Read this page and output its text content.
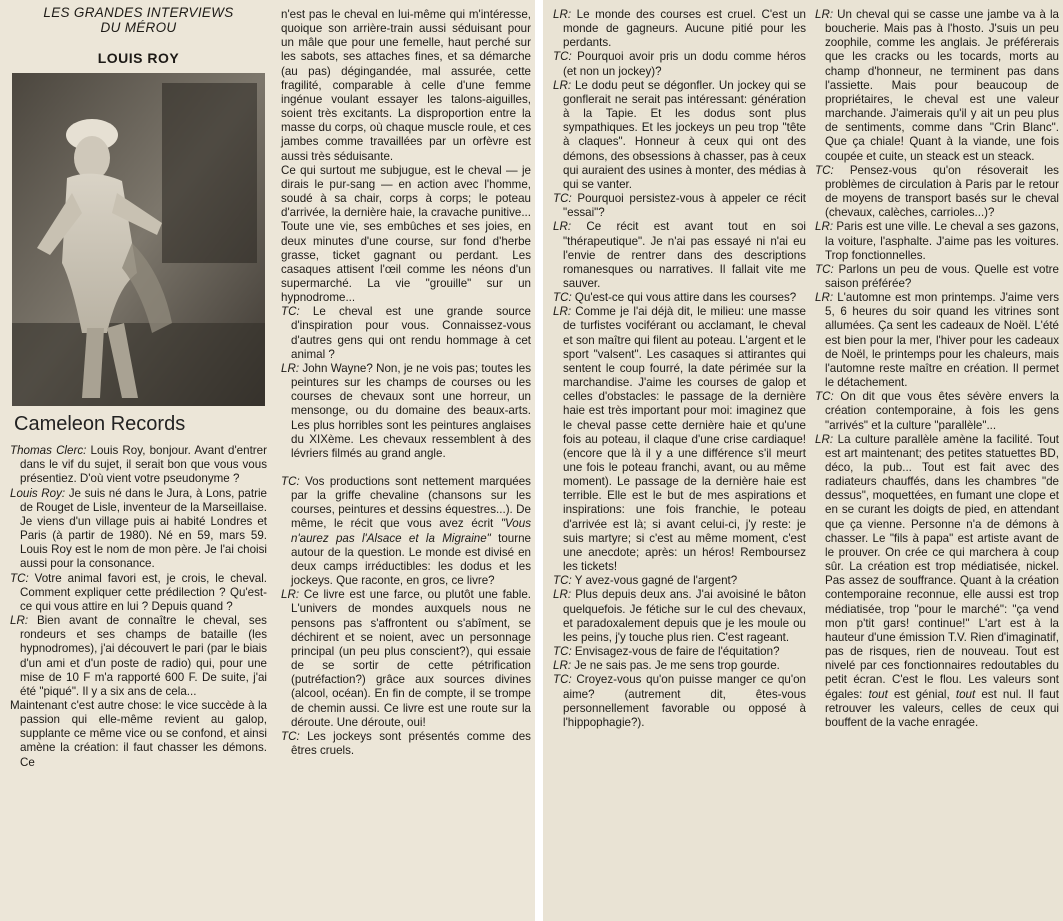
LES GRANDES INTERVIEWS
DU MÉROU
LOUIS ROY
Cameleon Records

Thomas Clerc: Louis Roy, bonjour. Avant d'entrer dans le vif du sujet, il serait bon que vous vous présentiez. D'où vient votre pseudonyme ?

Louis Roy: Je suis né dans le Jura, à Lons, patrie de Rouget de Lisle, inventeur de la Marseillaise. Je viens d'un village puis ai habité Londres et Paris (à partir de 1980). Né en 59, mars 59. Louis Roy est le nom de mon père. Je l'ai choisi aussi pour la consonance.

TC: Votre animal favori est, je crois, le cheval. Comment expliquer cette prédilection ? Qu'est-ce qui vous attire en lui ? Depuis quand ?

LR: Bien avant de connaître le cheval, ses rondeurs et ses champs de bataille (les hypnodromes), j'ai découvert le pari (par le biais d'un ami et d'un poste de radio) qui, pour une mise de 10 F m'a rapporté 600 F. De suite, j'ai été "piqué". Il y a six ans de cela...

Maintenant c'est autre chose: le vice succède à la passion qui elle-même revient au galop, supplante ce même vice ou se confond, et ainsi amène la création: il faut chasser les démons. Ce

n'est pas le cheval en lui-même qui m'intéresse, quoique son arrière-train aussi séduisant pour un mâle que pour une femelle, haut perché sur les sabots, ses attaches fines, et sa démarche (au pas) dégingandée, mal assurée, cette fragilité, comparable à celle d'une femme ingénue voulant essayer les talons-aiguilles, soient très excitants. La disproportion entre la masse du corps, où chaque muscle roule, et ces jambes comme travaillées par un orfèvre est aussi très séduisante.

Ce qui surtout me subjugue, est le cheval — je dirais le pur-sang — en action avec l'homme, soudé à sa chair, corps à corps; le poteau d'arrivée, la dernière haie, la cravache punitive... Toute une vie, ses embûches et ses joies, en deux minutes d'une course, sur fond d'herbe grasse, ticket gagnant ou perdant. Les casaques attisent l'œil comme les néons d'un supermarché. La vie "grouille" sur un hypnodrome...

TC: Le cheval est une grande source d'inspiration pour vous. Connaissez-vous d'autres gens qui ont rendu hommage à cet animal ?

LR: John Wayne? Non, je ne vois pas; toutes les peintures sur les champs de courses ou les courses de chevaux sont une horreur, un mensonge, ou du domaine des beaux-arts. Les plus horribles sont les peintures anglaises du XIXème. Les chevaux ressemblent à des lévriers filmés au grand angle.

TC: Vos productions sont nettement marquées par la griffe chevaline (chansons sur les courses, peintures et dessins équestres...). De même, le récit que vous avez écrit "Vous n'aurez pas l'Alsace et la Migraine" tourne autour de la question. Le monde est divisé en deux camps irréductibles: les dodus et les jockeys. Que raconte, en gros, ce livre?

LR: Ce livre est une farce, ou plutôt une fable. L'univers de mondes auxquels nous ne pensons pas s'affrontent ou s'abîment, se déchirent et se noient, avec un personnage principal (un peu plus conscient?), qui essaie de se sortir de cette pétrification (putréfaction?) grâce aux sources divines (alcool, océan). En fin de compte, il se trompe de chemin aussi. Ce livre est une route sur la déroute. Une déroute, oui!

TC: Les jockeys sont présentés comme des êtres cruels.

LR: Le monde des courses est cruel. C'est un monde de gagneurs. Aucune pitié pour les perdants.

TC: Pourquoi avoir pris un dodu comme héros (et non un jockey)?

LR: Le dodu peut se dégonfler. Un jockey qui se gonflerait ne serait pas intéressant: génération à la Tapie. Et les dodus sont plus sympathiques. Et les jockeys un peu trop "tête à claques". Honneur à ceux qui ont des démons, des obsessions à chasser, pas à ceux qui auraient des usines à monter, des médias à qui se vanter.

TC: Pourquoi persistez-vous à appeler ce récit "essai"?

LR: Ce récit est avant tout en soi "thérapeutique". Je n'ai pas essayé ni n'ai eu l'envie de rentrer dans des descriptions romanesques ou narratives. Il fallait vite me sauver.

TC: Qu'est-ce qui vous attire dans les courses?

LR: Comme je l'ai déjà dit, le milieu: une masse de turfistes vociférant ou acclamant, le cheval et son maître qui filent au poteau. L'argent et le sport "valsent". Les casaques si attirantes qui sentent le coup fourré, la date périmée sur la marchandise. J'aime les courses de galop et celles d'obstacles: le passage de la dernière haie est très important pour moi: imaginez que le cheval passe cette dernière haie et qu'une fois au poteau, il claque d'une crise cardiaque! (encore que là il y a une différence s'il meurt une fois le poteau franchi, avant, ou au même moment). Le passage de la dernière haie est terrible. Elle est le but de mes aspirations et inspirations: une fois franchie, le poteau d'arrivée est là; si avant celui-ci, j'y reste: je suis martyre; si c'est au même moment, c'est une anecdote; après: un héros! Remboursez les tickets!

TC: Y avez-vous gagné de l'argent?

LR: Plus depuis deux ans. J'ai avoisiné le bâton quelquefois. Je fétiche sur le cul des chevaux, et paradoxalement depuis que je les moule ou les peins, j'y touche plus rien. C'est rageant.

TC: Envisagez-vous de faire de l'équitation?

LR: Je ne sais pas. Je me sens trop gourde.

TC: Croyez-vous qu'on puisse manger ce qu'on aime? (autrement dit, êtes-vous personnellement favorable ou opposé à l'hippophagie?).

LR: Un cheval qui se casse une jambe va à la boucherie. Mais pas à l'hosto. J'suis un peu zoophile, comme les anglais. Je préférerais que les cracks ou les tocards, morts au champ d'honneur, ne terminent pas dans l'assiette. Mais pour beaucoup de propriétaires, le cheval est une valeur marchande. J'aimerais qu'il y ait un peu plus de sentiments, comme dans "Crin Blanc". Que ça chiale! Quant à la viande, une fois coupée et cuite, un steack est un steack.

TC: Pensez-vous qu'on résoverait les problèmes de circulation à Paris par le retour de moyens de transport basés sur le cheval (chevaux, calèches, carrioles...)?

LR: Paris est une ville. Le cheval a ses gazons, la voiture, l'asphalte. J'aime pas les voitures. Trop fonctionnelles.

TC: Parlons un peu de vous. Quelle est votre saison préférée?

LR: L'automne est mon printemps. J'aime vers 5, 6 heures du soir quand les vitrines sont allumées. Ça sent les cadeaux de Noël. L'été est bien pour la mer, l'hiver pour les cadeaux de Noël, le printemps pour les chaleurs, mais l'automne reste maître en création. Il permet le détachement.

TC: On dit que vous êtes sévère envers la création contemporaine, à fois les gens "arrivés" et la culture "parallèle"...

LR: La culture parallèle amène la facilité. Tout est art maintenant; des petites statuettes BD, déco, la pub... Tout est fait avec des radiateurs chauffés, dans les chambres "de dessus", moquettées, en fumant une clope et en se curant les doigts de pied, en attendant que ça vienne. Personne n'a de démons à chasser. Le "fils à papa" est artiste avant de le prouver. On crée ce qui marchera à coup sûr. La création est trop médiatisée, nickel. Pas assez de souffrance. Quant à la création contemporaine reconnue, elle aussi est trop médiatisée, trop "pour le marché": "ça vend mon p'tit gars! continue!" L'art est à la hauteur d'une émission T.V. Rien d'imaginatif, pas de risques, rien de nouveau. Tout est nivelé par ces fonctionnaires redoutables du petit écran. C'est le flou. Les valeurs sont égales: tout est génial, tout est nul. Il faut retrouver les valeurs, celles de ceux qui bouffent de la vache enragée.
